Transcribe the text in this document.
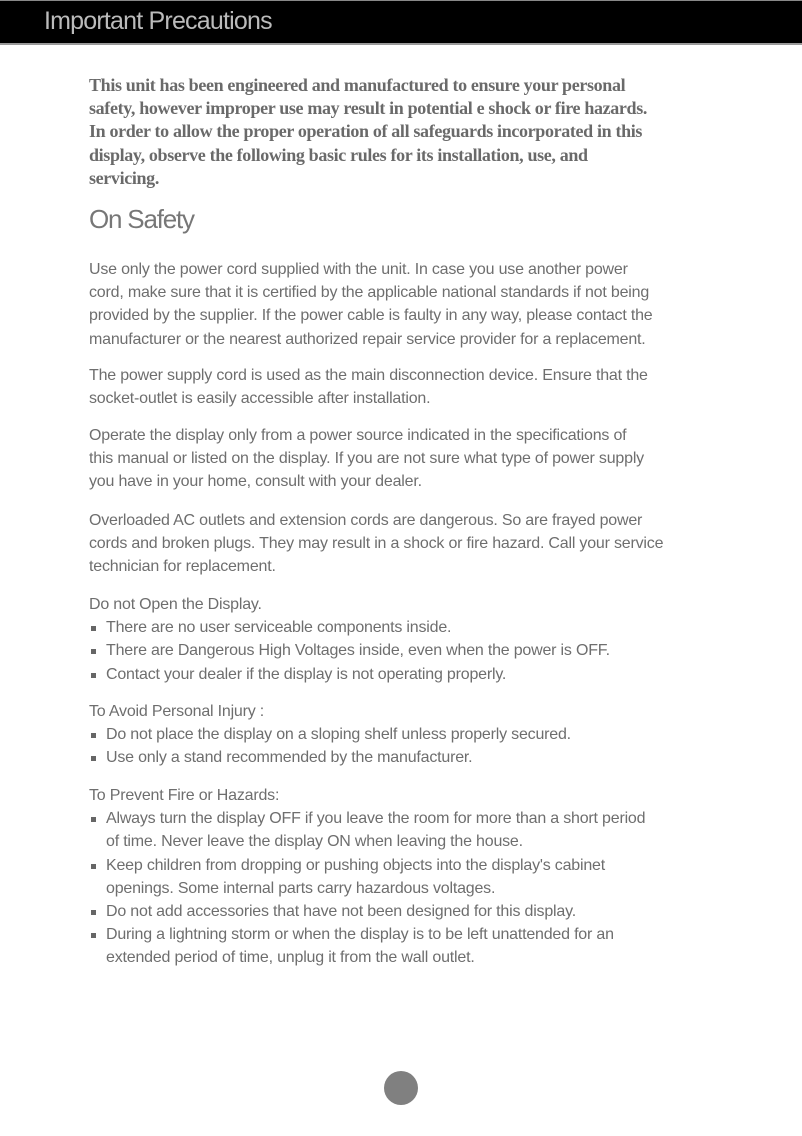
Important Precautions
This unit has been engineered and manufactured to ensure your personal
safety, however improper use may result in potential e shock or fire hazards.
In order to allow the proper operation of all safeguards incorporated in this
display, observe the following basic rules for its installation, use, and
servicing.
On Safety
Use only the power cord supplied with the unit. In case you use another power
cord, make sure that it is certified by the applicable national standards if not being
provided by the supplier. If the power cable is faulty in any way, please contact the
manufacturer or the nearest authorized repair service provider for a replacement.
The power supply cord is used as the main disconnection device. Ensure that the
socket-outlet is easily accessible after installation.
Operate the display only from a power source indicated in the specifications of
this manual or listed on the display. If you are not sure what type of power supply
you have in your home, consult with your dealer.
Overloaded AC outlets and extension cords are dangerous. So are frayed power
cords and broken plugs. They may result in a shock or fire hazard. Call your service
technician for replacement.
Do not Open the Display.
There are no user serviceable components inside.
There are Dangerous High Voltages inside, even when the power is OFF.
Contact your dealer if the display is not operating properly.
To Avoid Personal Injury :
Do not place the display on a sloping shelf unless properly secured.
Use only a stand recommended by the manufacturer.
To Prevent Fire or Hazards:
Always turn the display OFF if you leave the room for more than a short period
of time. Never leave the display ON when leaving the house.
Keep children from dropping or pushing objects into the display's cabinet
openings. Some internal parts carry hazardous voltages.
Do not add accessories that have not been designed for this display.
During a lightning storm or when the display is to be left unattended for an
extended period of time, unplug it from the wall outlet.
